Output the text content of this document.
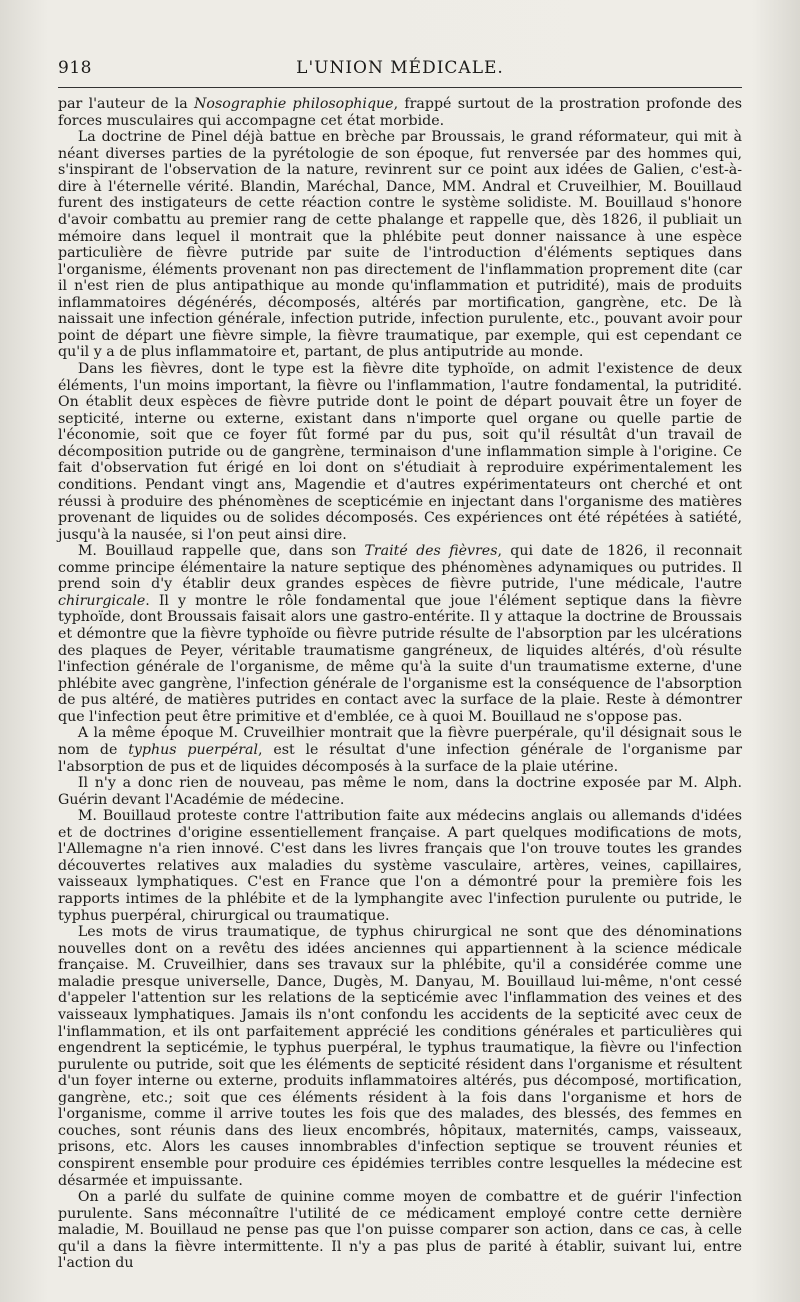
918	L'UNION MÉDICALE.

par l'auteur de la Nosographie philosophique, frappé surtout de la prostration profonde des forces musculaires qui accompagne cet état morbide.

La doctrine de Pinel déjà battue en brèche par Broussais, le grand réformateur, qui mit à néant diverses parties de la pyrétologie de son époque, fut renversée par des hommes qui, s'inspirant de l'observation de la nature, revinrent sur ce point aux idées de Galien, c'est-à-dire à l'éternelle vérité. Blandin, Maréchal, Dance, MM. Andral et Cruveilhier, M. Bouillaud furent des instigateurs de cette réaction contre le système solidiste. M. Bouillaud s'honore d'avoir combattu au premier rang de cette phalange et rappelle que, dès 1826, il publiait un mémoire dans lequel il montrait que la phlébite peut donner naissance à une espèce particulière de fièvre putride par suite de l'introduction d'éléments septiques dans l'organisme, éléments provenant non pas directement de l'inflammation proprement dite (car il n'est rien de plus antipathique au monde qu'inflammation et putridité), mais de produits inflammatoires dégénérés, décomposés, altérés par mortification, gangrène, etc. De là naissait une infection générale, infection putride, infection purulente, etc., pouvant avoir pour point de départ une fièvre simple, la fièvre traumatique, par exemple, qui est cependant ce qu'il y a de plus inflammatoire et, partant, de plus antiputride au monde.

Dans les fièvres, dont le type est la fièvre dite typhoïde, on admit l'existence de deux éléments, l'un moins important, la fièvre ou l'inflammation, l'autre fondamental, la putridité. On établit deux espèces de fièvre putride dont le point de départ pouvait être un foyer de septicité, interne ou externe, existant dans n'importe quel organe ou quelle partie de l'économie, soit que ce foyer fût formé par du pus, soit qu'il résultât d'un travail de décomposition putride ou de gangrène, terminaison d'une inflammation simple à l'origine. Ce fait d'observation fut érigé en loi dont on s'étudiait à reproduire expérimentalement les conditions. Pendant vingt ans, Magendie et d'autres expérimentateurs ont cherché et ont réussi à produire des phénomènes de scepticémie en injectant dans l'organisme des matières provenant de liquides ou de solides décomposés. Ces expériences ont été répétées à satiété, jusqu'à la nausée, si l'on peut ainsi dire.

M. Bouillaud rappelle que, dans son Traité des fièvres, qui date de 1826, il reconnait comme principe élémentaire la nature septique des phénomènes adynamiques ou putrides. Il prend soin d'y établir deux grandes espèces de fièvre putride, l'une médicale, l'autre chirurgicale. Il y montre le rôle fondamental que joue l'élément septique dans la fièvre typhoïde, dont Broussais faisait alors une gastro-entérite. Il y attaque la doctrine de Broussais et démontre que la fièvre typhoïde ou fièvre putride résulte de l'absorption par les ulcérations des plaques de Peyer, véritable traumatisme gangréneux, de liquides altérés, d'où résulte l'infection générale de l'organisme, de même qu'à la suite d'un traumatisme externe, d'une phlébite avec gangrène, l'infection générale de l'organisme est la conséquence de l'absorption de pus altéré, de matières putrides en contact avec la surface de la plaie. Reste à démontrer que l'infection peut être primitive et d'emblée, ce à quoi M. Bouillaud ne s'oppose pas.

A la même époque M. Cruveilhier montrait que la fièvre puerpérale, qu'il désignait sous le nom de typhus puerpéral, est le résultat d'une infection générale de l'organisme par l'absorption de pus et de liquides décomposés à la surface de la plaie utérine.

Il n'y a donc rien de nouveau, pas même le nom, dans la doctrine exposée par M. Alph. Guérin devant l'Académie de médecine.

M. Bouillaud proteste contre l'attribution faite aux médecins anglais ou allemands d'idées et de doctrines d'origine essentiellement française. A part quelques modifications de mots, l'Allemagne n'a rien innové. C'est dans les livres français que l'on trouve toutes les grandes découvertes relatives aux maladies du système vasculaire, artères, veines, capillaires, vaisseaux lymphatiques. C'est en France que l'on a démontré pour la première fois les rapports intimes de la phlébite et de la lymphangite avec l'infection purulente ou putride, le typhus puerpéral, chirurgical ou traumatique.

Les mots de virus traumatique, de typhus chirurgical ne sont que des dénominations nouvelles dont on a revêtu des idées anciennes qui appartiennent à la science médicale française. M. Cruveilhier, dans ses travaux sur la phlébite, qu'il a considérée comme une maladie presque universelle, Dance, Dugès, M. Danyau, M. Bouillaud lui-même, n'ont cessé d'appeler l'attention sur les relations de la septicémie avec l'inflammation des veines et des vaisseaux lymphatiques. Jamais ils n'ont confondu les accidents de la septicité avec ceux de l'inflammation, et ils ont parfaitement apprécié les conditions générales et particulières qui engendrent la septicémie, le typhus puerpéral, le typhus traumatique, la fièvre ou l'infection purulente ou putride, soit que les éléments de septicité résident dans l'organisme et résultent d'un foyer interne ou externe, produits inflammatoires altérés, pus décomposé, mortification, gangrène, etc.; soit que ces éléments résident à la fois dans l'organisme et hors de l'organisme, comme il arrive toutes les fois que des malades, des blessés, des femmes en couches, sont réunis dans des lieux encombrés, hôpitaux, maternités, camps, vaisseaux, prisons, etc. Alors les causes innombrables d'infection septique se trouvent réunies et conspirent ensemble pour produire ces épidémies terribles contre lesquelles la médecine est désarmée et impuissante.

On a parlé du sulfate de quinine comme moyen de combattre et de guérir l'infection purulente. Sans méconnaître l'utilité de ce médicament employé contre cette dernière maladie, M. Bouillaud ne pense pas que l'on puisse comparer son action, dans ce cas, à celle qu'il a dans la fièvre intermittente. Il n'y a pas plus de parité à établir, suivant lui, entre l'action du
